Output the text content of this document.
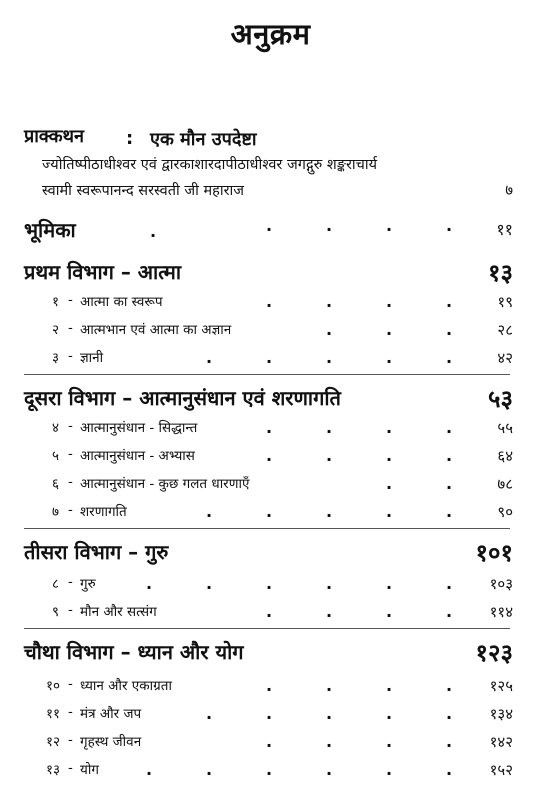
अनुक्रम
प्राक्कथन : एक मौन उपदेष्टा
ज्योतिष्पीठाधीश्वर एवं द्वारकाशारदापीठाधीश्वर जगद्गुरु शङ्कराचार्य
स्वामी स्वरूपानन्द सरस्वती जी महाराज	७
भूमिका	.	.	.	.	.	११
प्रथम विभाग – आत्मा	१३
१ - आत्मा का स्वरूप	.	.	.	.	१९
२ - आत्मभान एवं आत्मा का अज्ञान	.	.	.	२८
३ - ज्ञानी	.	.	.	.	.	४२
दूसरा विभाग – आत्मानुसंधान एवं शरणागति	५३
४ - आत्मानुसंधान - सिद्धान्त	.	.	.	.	५५
५ - आत्मानुसंधान - अभ्यास	.	.	.	.	६४
६ - आत्मानुसंधान - कुछ गलत धारणाएँ	.	.	७८
७ - शरणागति	.	.	.	.	.	९०
तीसरा विभाग – गुरु	१०१
८ - गुरु	.	.	.	.	.	.	१०३
९ - मौन और सत्संग	.	.	.	.	११४
चौथा विभाग – ध्यान और योग	१२३
१० - ध्यान और एकाग्रता	.	.	.	.	१२५
११ - मंत्र और जप	.	.	.	.	.	१३४
१२ - गृहस्थ जीवन	.	.	.	.	१४२
१३ - योग	.	.	.	.	.	.	१५२
